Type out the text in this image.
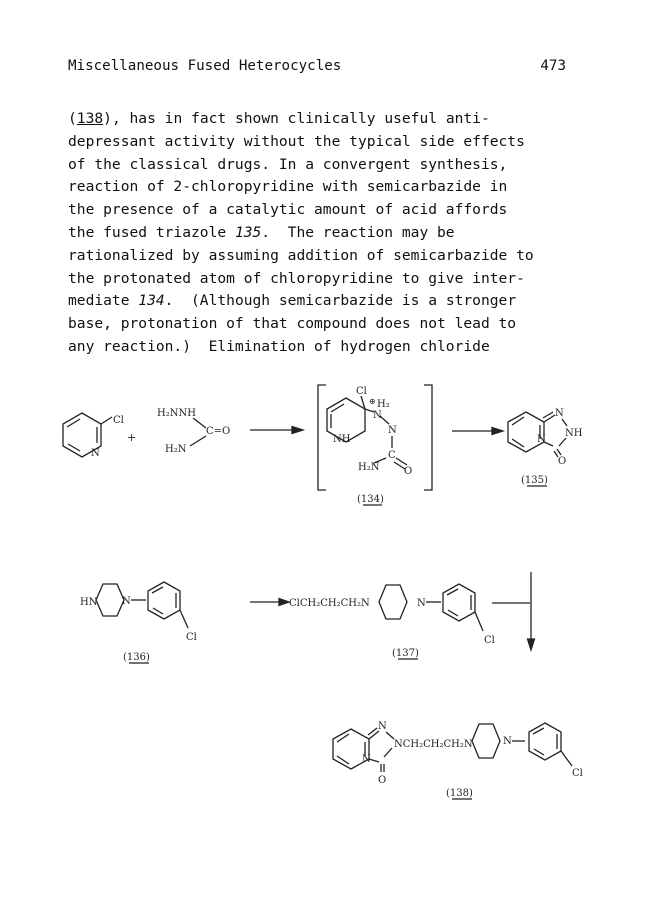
Miscellaneous Fused Heterocycles	473

(138), has in fact shown clinically useful anti-
depressant activity without the typical side effects
of the classical drugs. In a convergent synthesis,
reaction of 2-chloropyridine with semicarbazide in
the presence of a catalytic amount of acid affords
the fused triazole 135.  The reaction may be
rationalized by assuming addition of semicarbazide to
the protonated atom of chloropyridine to give inter-
mediate 134.  (Although semicarbazide is a stronger
base, protonation of that compound does not lead to
any reaction.)  Elimination of hydrogen chloride

Cl
N
+
H₂NNH
H₂N
C=O
Cl
⊕ H₂
N
N
C
O
H₂N
NH
(134)
N
NH
N
O
(135)
HN N
Cl
(136)
ClCH₂CH₂CH₂N	N
Cl
(137)
N
NCH₂CH₂CH₂N
N
O
N
Cl
(138)
